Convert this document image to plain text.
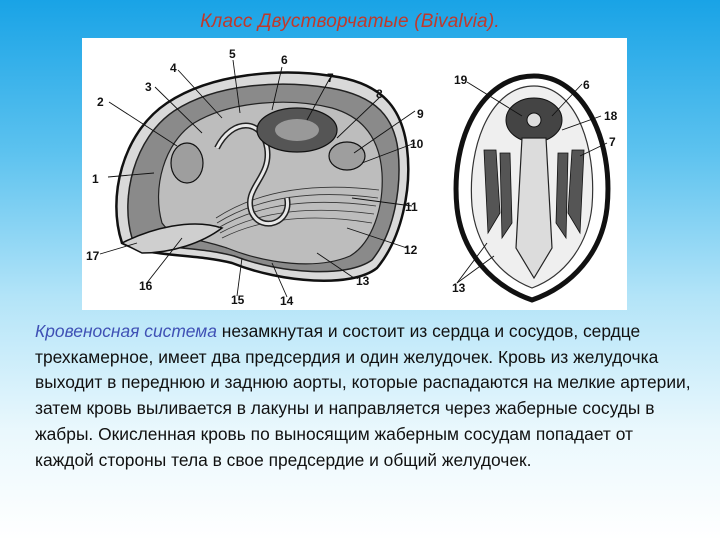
Класс Двустворчатые (Bivalvia).
1
2
3
4
5	6
7
8
9
10
11
12
13
14
15
16
17
19	6
18
7
13
Кровеносная система незамкнутая и состоит из сердца и сосудов, сердце трехкамерное, имеет два предсердия и один желудочек. Кровь из желудочка выходит в переднюю и заднюю аорты, которые распадаются на мелкие артерии, затем кровь выливается в лакуны и направляется через жаберные сосуды в жабры. Окисленная кровь по выносящим жаберным сосудам попадает от каждой стороны тела в свое предсердие и общий желудочек.
